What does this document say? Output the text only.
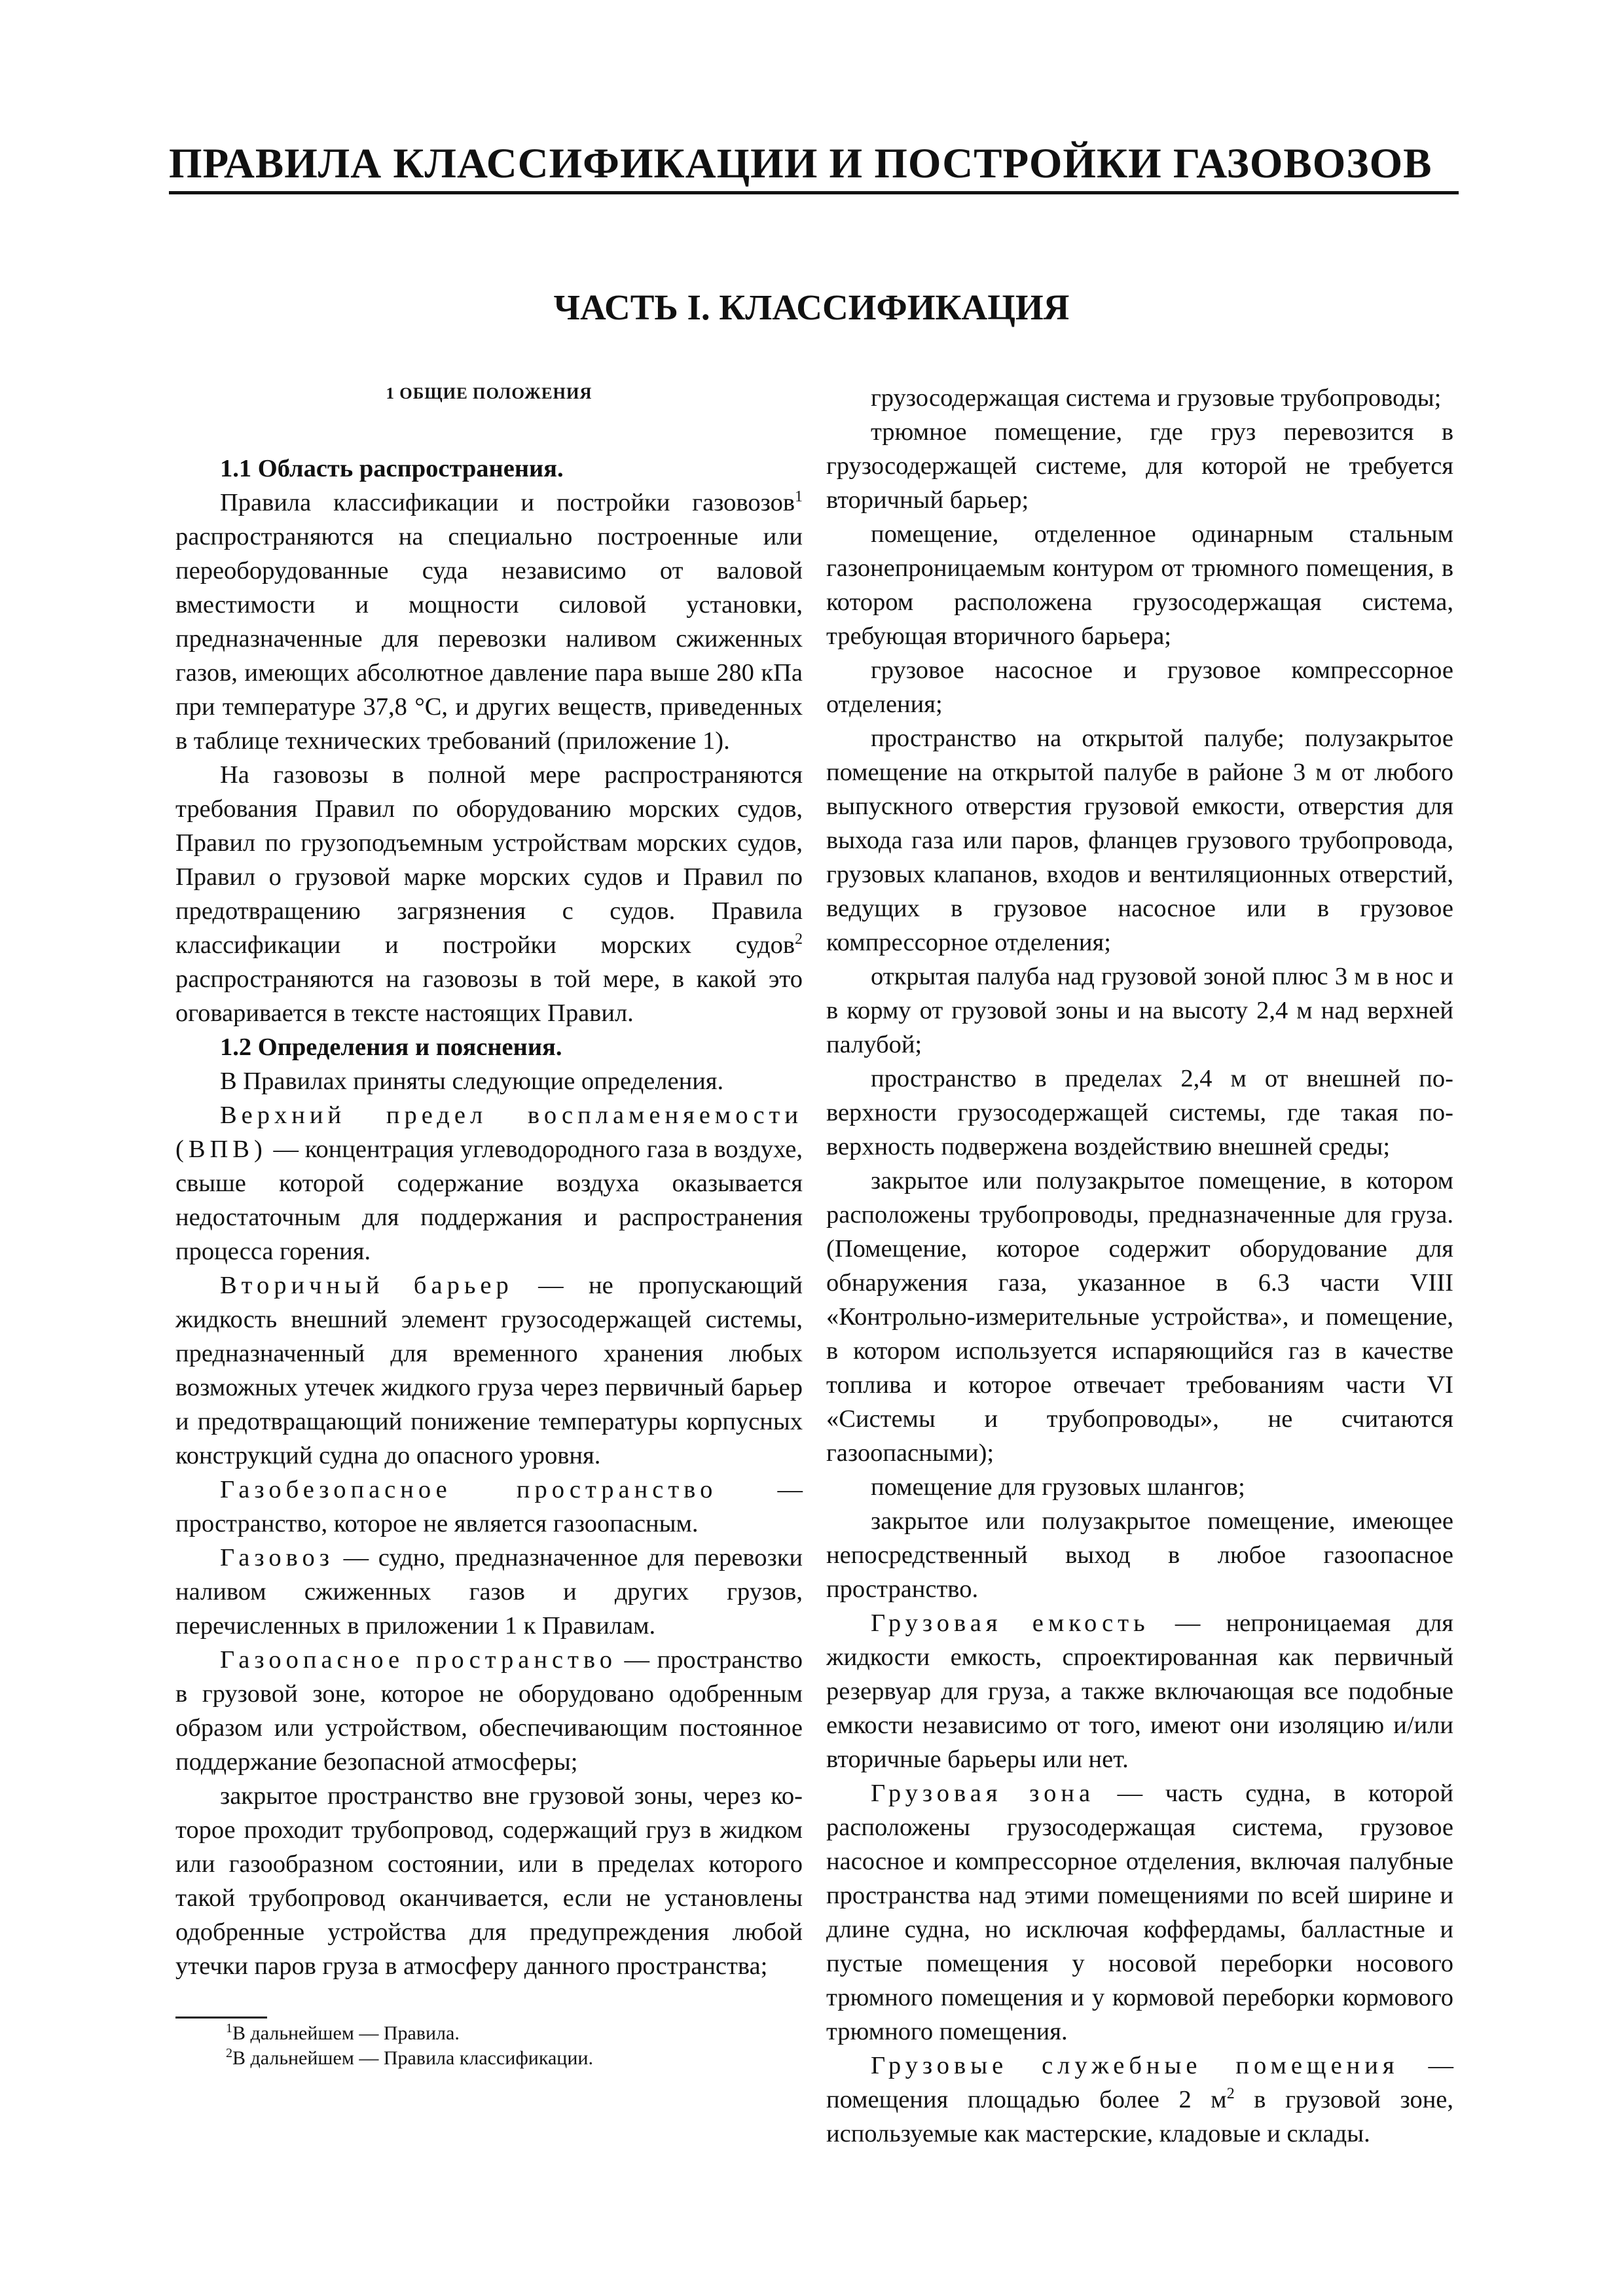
ПРАВИЛА КЛАССИФИКАЦИИ И ПОСТРОЙКИ ГАЗОВОЗОВ
ЧАСТЬ I. КЛАССИФИКАЦИЯ
1 ОБЩИЕ ПОЛОЖЕНИЯ

1.1 Область распространения.

Правила классификации и постройки газовозов$^1$ распространяются на специально построенные или переоборудованные суда независимо от валовой вместимости и мощности силовой установки, предназначенные для перевозки наливом сжиженных газов, имеющих абсолютное давление пара выше 280 кПа при температуре 37,8 °С, и других веществ, приведенных в таблице технических требований (приложение 1).

На газовозы в полной мере распространяются требования Правил по оборудованию морских судов, Правил по грузоподъемным устройствам морских судов, Правил о грузовой марке морских судов и Правил по предотвращению загрязнения с судов. Правила классификации и постройки морских судов$^2$ распространяются на газовозы в той мере, в какой это оговаривается в тексте настоящих Правил.

1.2 Определения и пояснения.

В Правилах приняты следующие определения.

Верхний предел воспламеняемости (ВПВ) — концентрация углеводородного газа в воздухе, свыше которой содержание воздуха оказывается недостаточным для поддержания и распространения процесса горения.

Вторичный барьер — не пропускающий жидкость внешний элемент грузосодержащей системы, предназначенный для временного хранения любых возможных утечек жидкого груза через первичный барьер и предотвращающий понижение температуры корпусных конструкций судна до опасного уровня.

Газобезопасное пространство — пространство, которое не является газоопасным.

Газовоз — судно, предназначенное для перевозки наливом сжиженных газов и других грузов, перечисленных в приложении 1 к Правилам.

Газоопасное пространство — пространство в грузовой зоне, которое не оборудовано одобренным образом или устройством, обеспечивающим постоянное поддержание безопасной атмосферы;

закрытое пространство вне грузовой зоны, через которое проходит трубопровод, содержащий груз в жидком или газообразном состоянии, или в пределах которого такой трубопровод оканчивается, если не установлены одобренные устройства для предупреждения любой утечки паров груза в атмосферу данного пространства;

грузосодержащая система и грузовые трубопроводы;

трюмное помещение, где груз перевозится в грузосодержащей системе, для которой не требуется вторичный барьер;

помещение, отделенное одинарным стальным газонепроницаемым контуром от трюмного помещения, в котором расположена грузосодержащая система, требующая вторичного барьера;

грузовое насосное и грузовое компрессорное отделения;

пространство на открытой палубе; полузакрытое помещение на открытой палубе в районе 3 м от любого выпускного отверстия грузовой емкости, отверстия для выхода газа или паров, фланцев грузового трубопровода, грузовых клапанов, входов и вентиляционных отверстий, ведущих в грузовое насосное или в грузовое компрессорное отделения;

открытая палуба над грузовой зоной плюс 3 м в нос и в корму от грузовой зоны и на высоту 2,4 м над верхней палубой;

пространство в пределах 2,4 м от внешней поверхности грузосодержащей системы, где такая поверхность подвержена воздействию внешней среды;

закрытое или полузакрытое помещение, в котором расположены трубопроводы, предназначенные для груза. (Помещение, которое содержит оборудование для обнаружения газа, указанное в 6.3 части VIII «Контрольно-измерительные устройства», и помещение, в котором используется испаряющийся газ в качестве топлива и которое отвечает требованиям части VI «Системы и трубопроводы», не считаются газоопасными);

помещение для грузовых шлангов;

закрытое или полузакрытое помещение, имеющее непосредственный выход в любое газоопасное пространство.

Грузовая емкость — непроницаемая для жидкости емкость, спроектированная как первичный резервуар для груза, а также включающая все подобные емкости независимо от того, имеют они изоляцию и/или вторичные барьеры или нет.

Грузовая зона — часть судна, в которой расположены грузосодержащая система, грузовое насосное и компрессорное отделения, включая палубные пространства над этими помещениями по всей ширине и длине судна, но исключая коффердамы, балластные и пустые помещения у носовой переборки носового трюмного помещения и у кормовой переборки кормового трюмного помещения.

Грузовые служебные помещения — помещения площадью более 2 $м^2$ в грузовой зоне, используемые как мастерские, кладовые и склады.

$^1$В дальнейшем — Правила.
$^2$В дальнейшем — Правила классификации.
